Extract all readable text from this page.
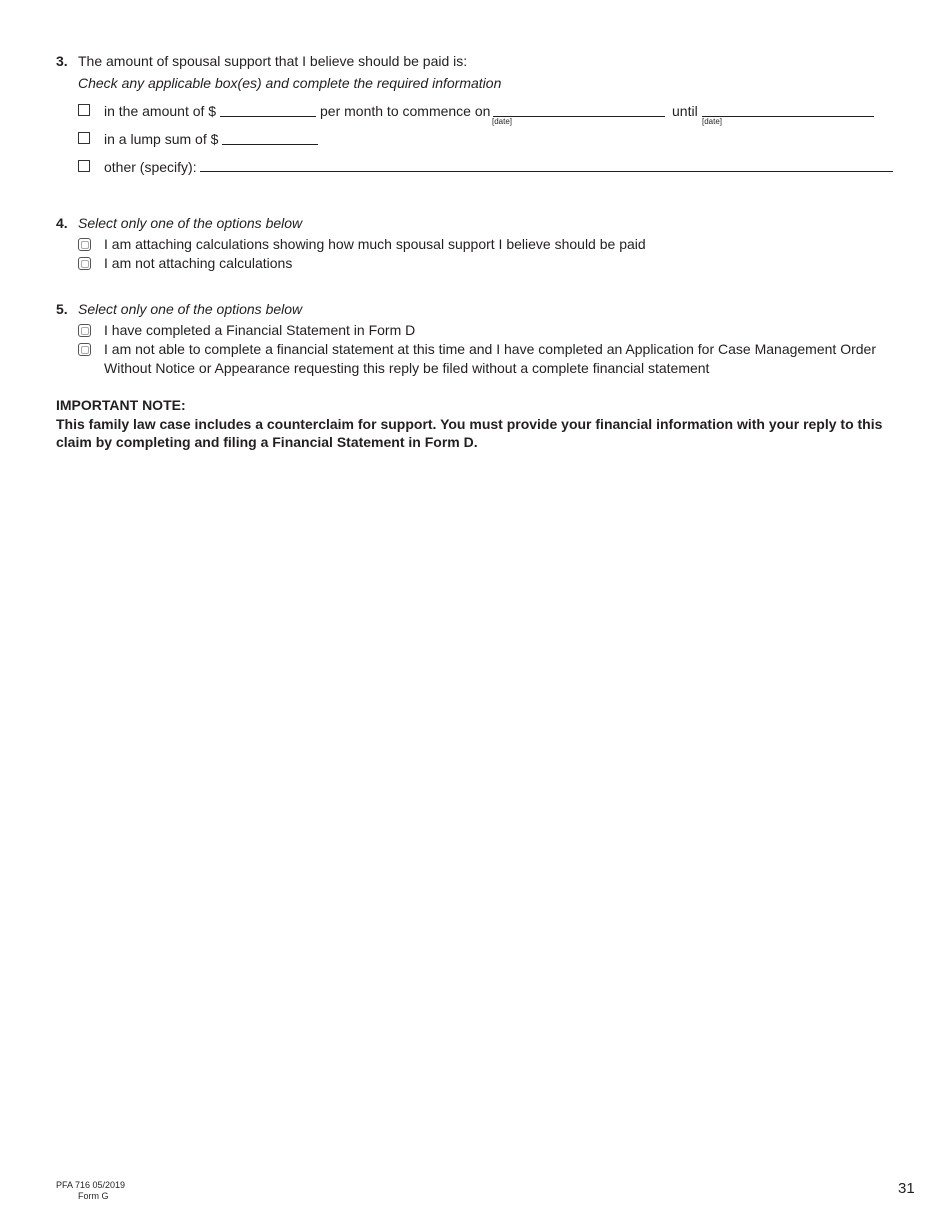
3. The amount of spousal support that I believe should be paid is:
Check any applicable box(es) and complete the required information
in the amount of $	per month to commence on
[date]
until
[date]
in a lump sum of $
other (specify):
4. Select only one of the options below
I am attaching calculations showing how much spousal support I believe should be paid
I am not attaching calculations
5. Select only one of the options below
I have completed a Financial Statement in Form D
I am not able to complete a financial statement at this time and I have completed an Application for Case Management Order
Without Notice or Appearance requesting this reply be filed without a complete financial statement
IMPORTANT NOTE:
This family law case includes a counterclaim for support. You must provide your financial information with your reply to this
claim by completing and filing a Financial Statement in Form D.
PFA 716 05/2019
Form G	31
